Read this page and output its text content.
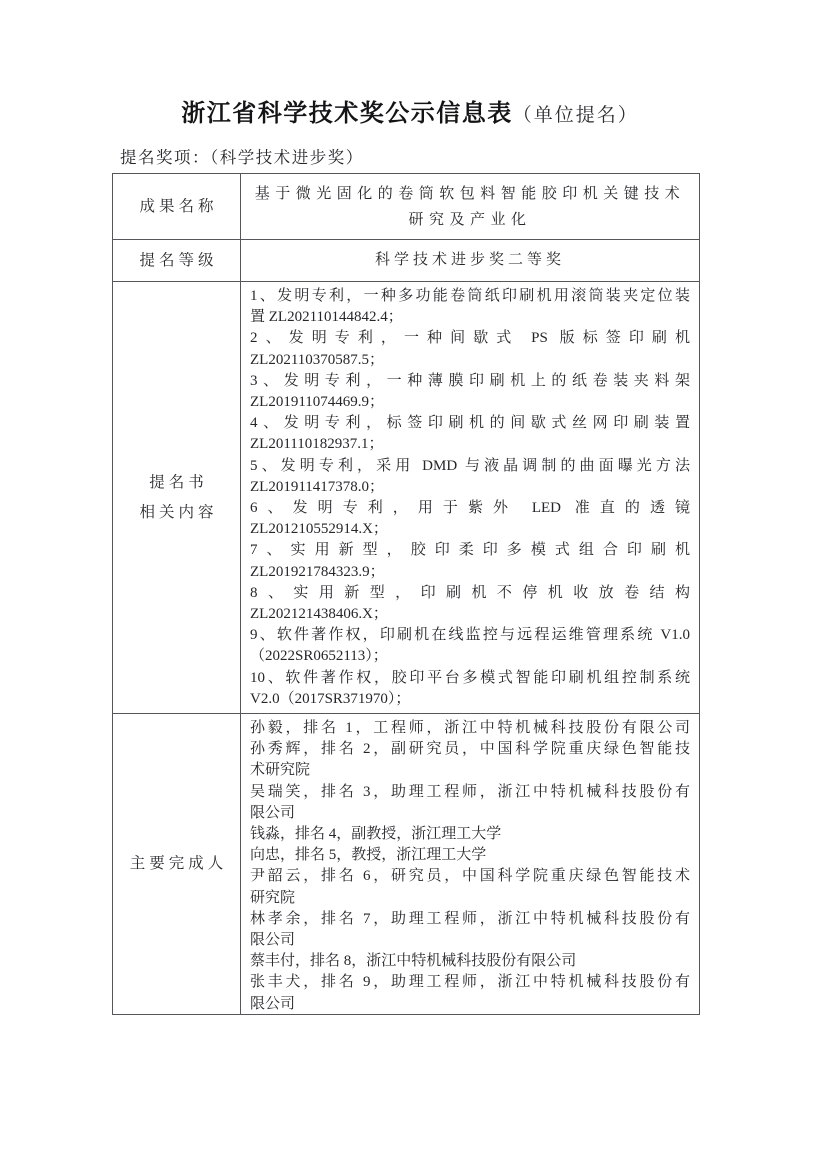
浙江省科学技术奖公示信息表（单位提名）
提名奖项：（科学技术进步奖）
成果名称
基于微光固化的卷筒软包料智能胶印机关键技术
研究及产业化
提名等级	科学技术进步奖二等奖
提名书
相关内容
1、发明专利，一种多功能卷筒纸印刷机用滚筒装夹定位装
置 ZL202110144842.4；
2、发明专利，一种间歇式 PS 版标签印刷机
ZL202110370587.5；
3、发明专利，一种薄膜印刷机上的纸卷装夹料架
ZL201911074469.9；
4、发明专利，标签印刷机的间歇式丝网印刷装置
ZL201110182937.1；
5、发明专利，采用 DMD 与液晶调制的曲面曝光方法
ZL201911417378.0；
6、发明专利，用于紫外 LED 准直的透镜
ZL201210552914.X；
7、实用新型，胶印柔印多模式组合印刷机
ZL201921784323.9；
8、实用新型，印刷机不停机收放卷结构
ZL202121438406.X；
9、软件著作权，印刷机在线监控与远程运维管理系统 V1.0
（2022SR0652113）；
10、软件著作权，胶印平台多模式智能印刷机组控制系统
V2.0（2017SR371970）；
主要完成人
孙毅，排名 1，工程师，浙江中特机械科技股份有限公司
孙秀辉，排名 2，副研究员，中国科学院重庆绿色智能技
术研究院
吴瑞笑，排名 3，助理工程师，浙江中特机械科技股份有
限公司
钱淼，排名 4，副教授，浙江理工大学
向忠，排名 5，教授，浙江理工大学
尹韶云，排名 6，研究员，中国科学院重庆绿色智能技术
研究院
林孝余，排名 7，助理工程师，浙江中特机械科技股份有
限公司
蔡丰付，排名 8，浙江中特机械科技股份有限公司
张丰犬，排名 9，助理工程师，浙江中特机械科技股份有
限公司
